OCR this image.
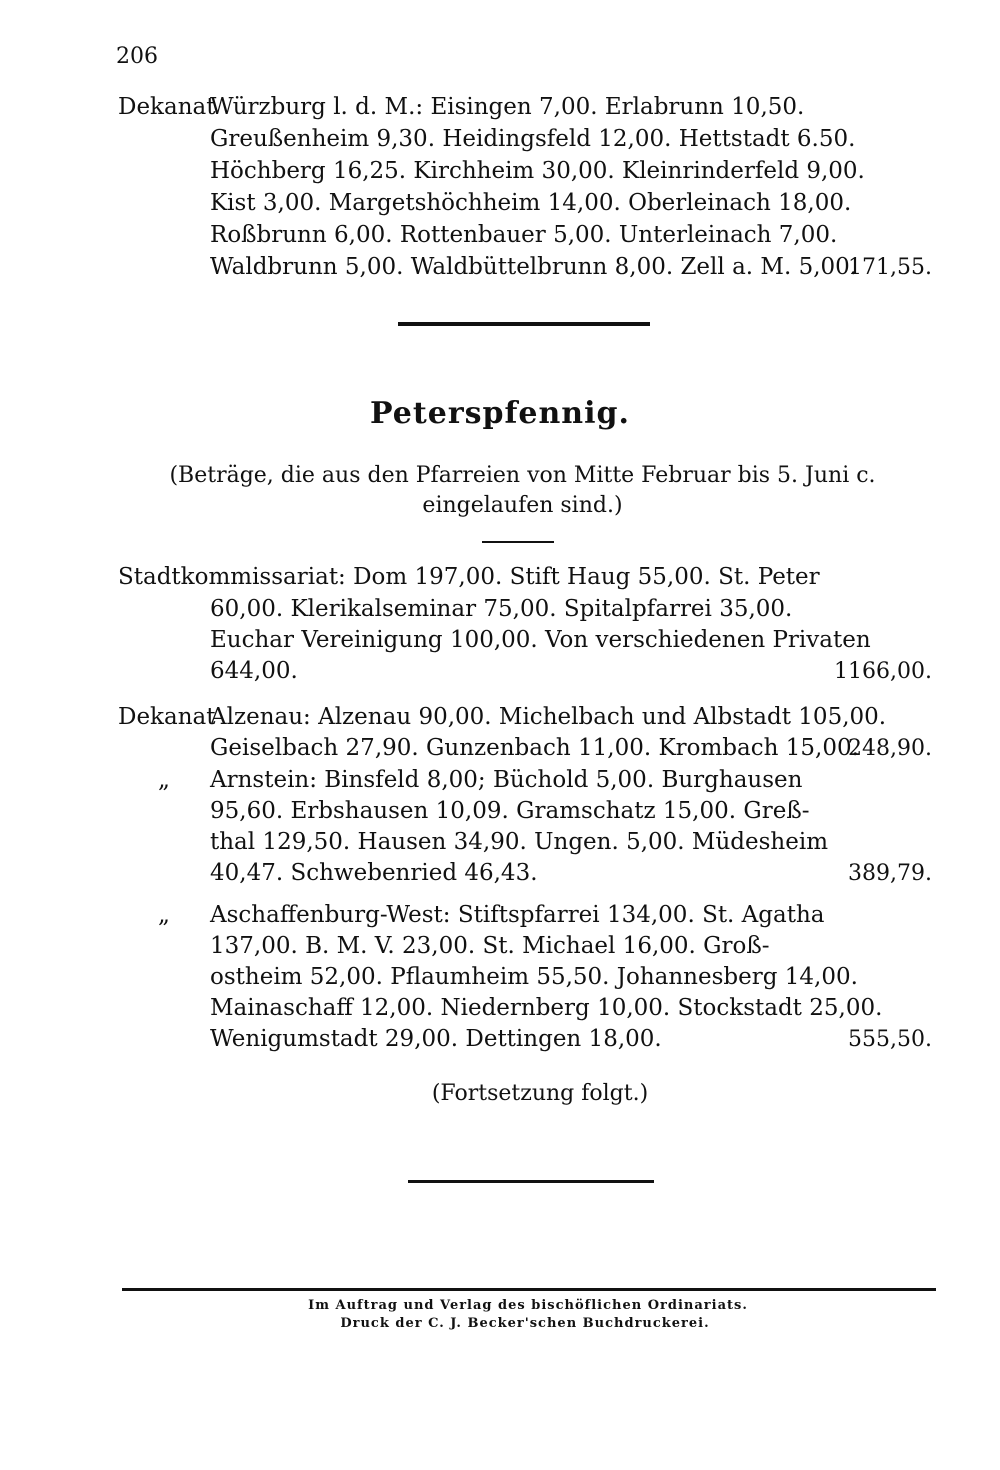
206
Dekanat
Würzburg l. d. M.: Eisingen 7,00. Erlabrunn 10,50.
Greußenheim 9,30. Heidingsfeld 12,00. Hettstadt 6.50.
Höchberg 16,25. Kirchheim 30,00. Kleinrinderfeld 9,00.
Kist 3,00. Margetshöchheim 14,00. Oberleinach 18,00.
Roßbrunn 6,00. Rottenbauer 5,00. Unterleinach 7,00.
Waldbrunn 5,00. Waldbüttelbrunn 8,00. Zell a. M. 5,00.
171,55.
Peterspfennig.
(Beträge, die aus den Pfarreien von Mitte Februar bis 5. Juni c.
eingelaufen sind.)
Stadtkommissariat: Dom 197,00. Stift Haug 55,00. St. Peter
60,00. Klerikalseminar 75,00. Spitalpfarrei 35,00.
Euchar Vereinigung 100,00. Von verschiedenen Privaten
644,00.	1166,00.
Dekanat
Alzenau: Alzenau 90,00. Michelbach und Albstadt 105,00.
Geiselbach 27,90. Gunzenbach 11,00. Krombach 15,00.
248,90.
„ Arnstein: Binsfeld 8,00; Büchold 5,00. Burghausen
95,60. Erbshausen 10,09. Gramschatz 15,00. Greß-
thal 129,50. Hausen 34,90. Ungen. 5,00. Müdesheim
40,47. Schwebenried 46,43.	389,79.
„ Aschaffenburg-West: Stiftspfarrei 134,00. St. Agatha
137,00. B. M. V. 23,00. St. Michael 16,00. Groß-
ostheim 52,00. Pflaumheim 55,50. Johannesberg 14,00.
Mainaschaff 12,00. Niedernberg 10,00. Stockstadt 25,00.
Wenigumstadt 29,00. Dettingen 18,00.	555,50.
(Fortsetzung folgt.)
Im Auftrag und Verlag des bischöflichen Ordinariats.
Druck der C. J. Becker'schen Buchdruckerei.
